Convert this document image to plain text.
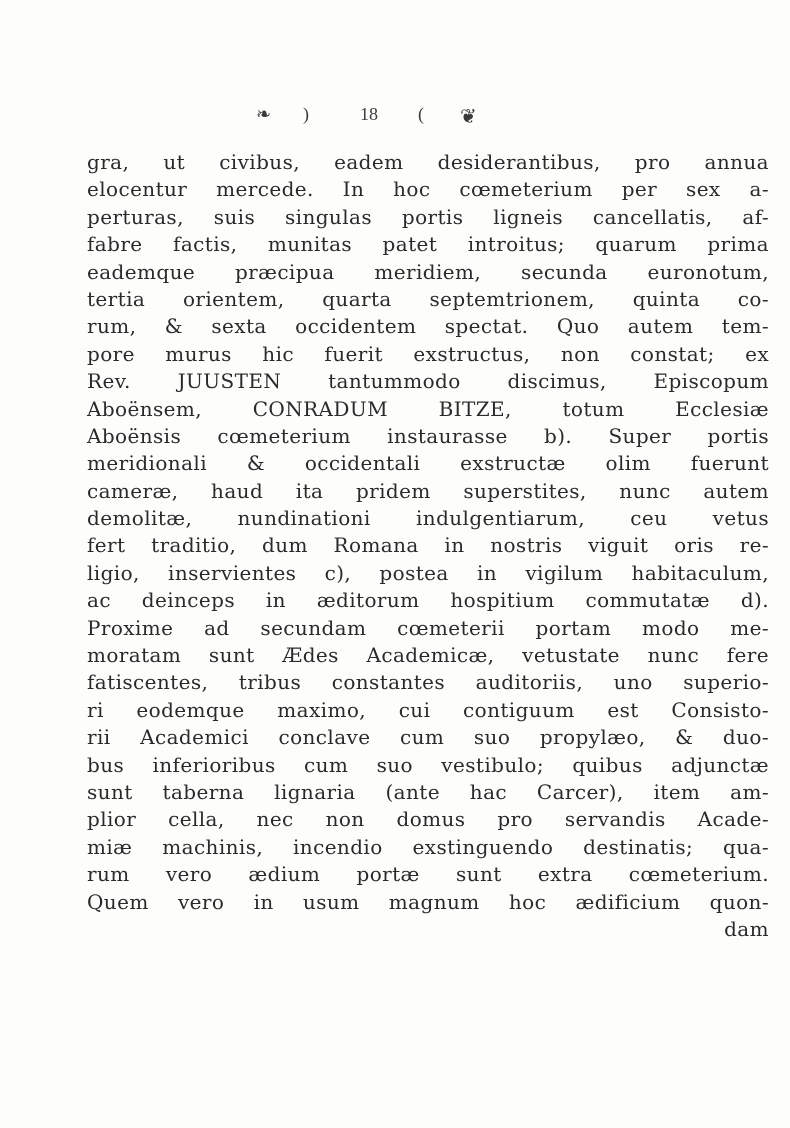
❧ )	18 ( ❦
gra, ut civibus, eadem desiderantibus, pro annua
elocentur mercede. In hoc cœmeterium per sex a-
perturas, suis singulas portis ligneis cancellatis, af-
fabre factis, munitas patet introitus; quarum prima
eademque præcipua meridiem, secunda euronotum,
tertia orientem, quarta septemtrionem, quinta co-
rum, & sexta occidentem spectat. Quo autem tem-
pore murus hic fuerit exstructus, non constat; ex
Rev. JUUSTEN tantummodo discimus, Episcopum
Aboënsem, CONRADUM BITZE, totum Ecclesiæ
Aboënsis cœmeterium instaurasse b). Super portis
meridionali & occidentali exstructæ olim fuerunt
cameræ, haud ita pridem superstites, nunc autem
demolitæ, nundinationi indulgentiarum, ceu vetus
fert traditio, dum Romana in nostris viguit oris re-
ligio, inservientes c), postea in vigilum habitaculum,
ac deinceps in æditorum hospitium commutatæ d).
Proxime ad secundam cœmeterii portam modo me-
moratam sunt Ædes Academicæ, vetustate nunc fere
fatiscentes, tribus constantes auditoriis, uno superio-
ri eodemque maximo, cui contiguum est Consisto-
rii Academici conclave cum suo propylæo, & duo-
bus inferioribus cum suo vestibulo; quibus adjunctæ
sunt taberna lignaria (ante hac Carcer), item am-
plior cella, nec non domus pro servandis Acade-
miæ machinis, incendio exstinguendo destinatis; qua-
rum vero ædium portæ sunt extra cœmeterium.
Quem vero in usum magnum hoc ædificium quon-
dam
